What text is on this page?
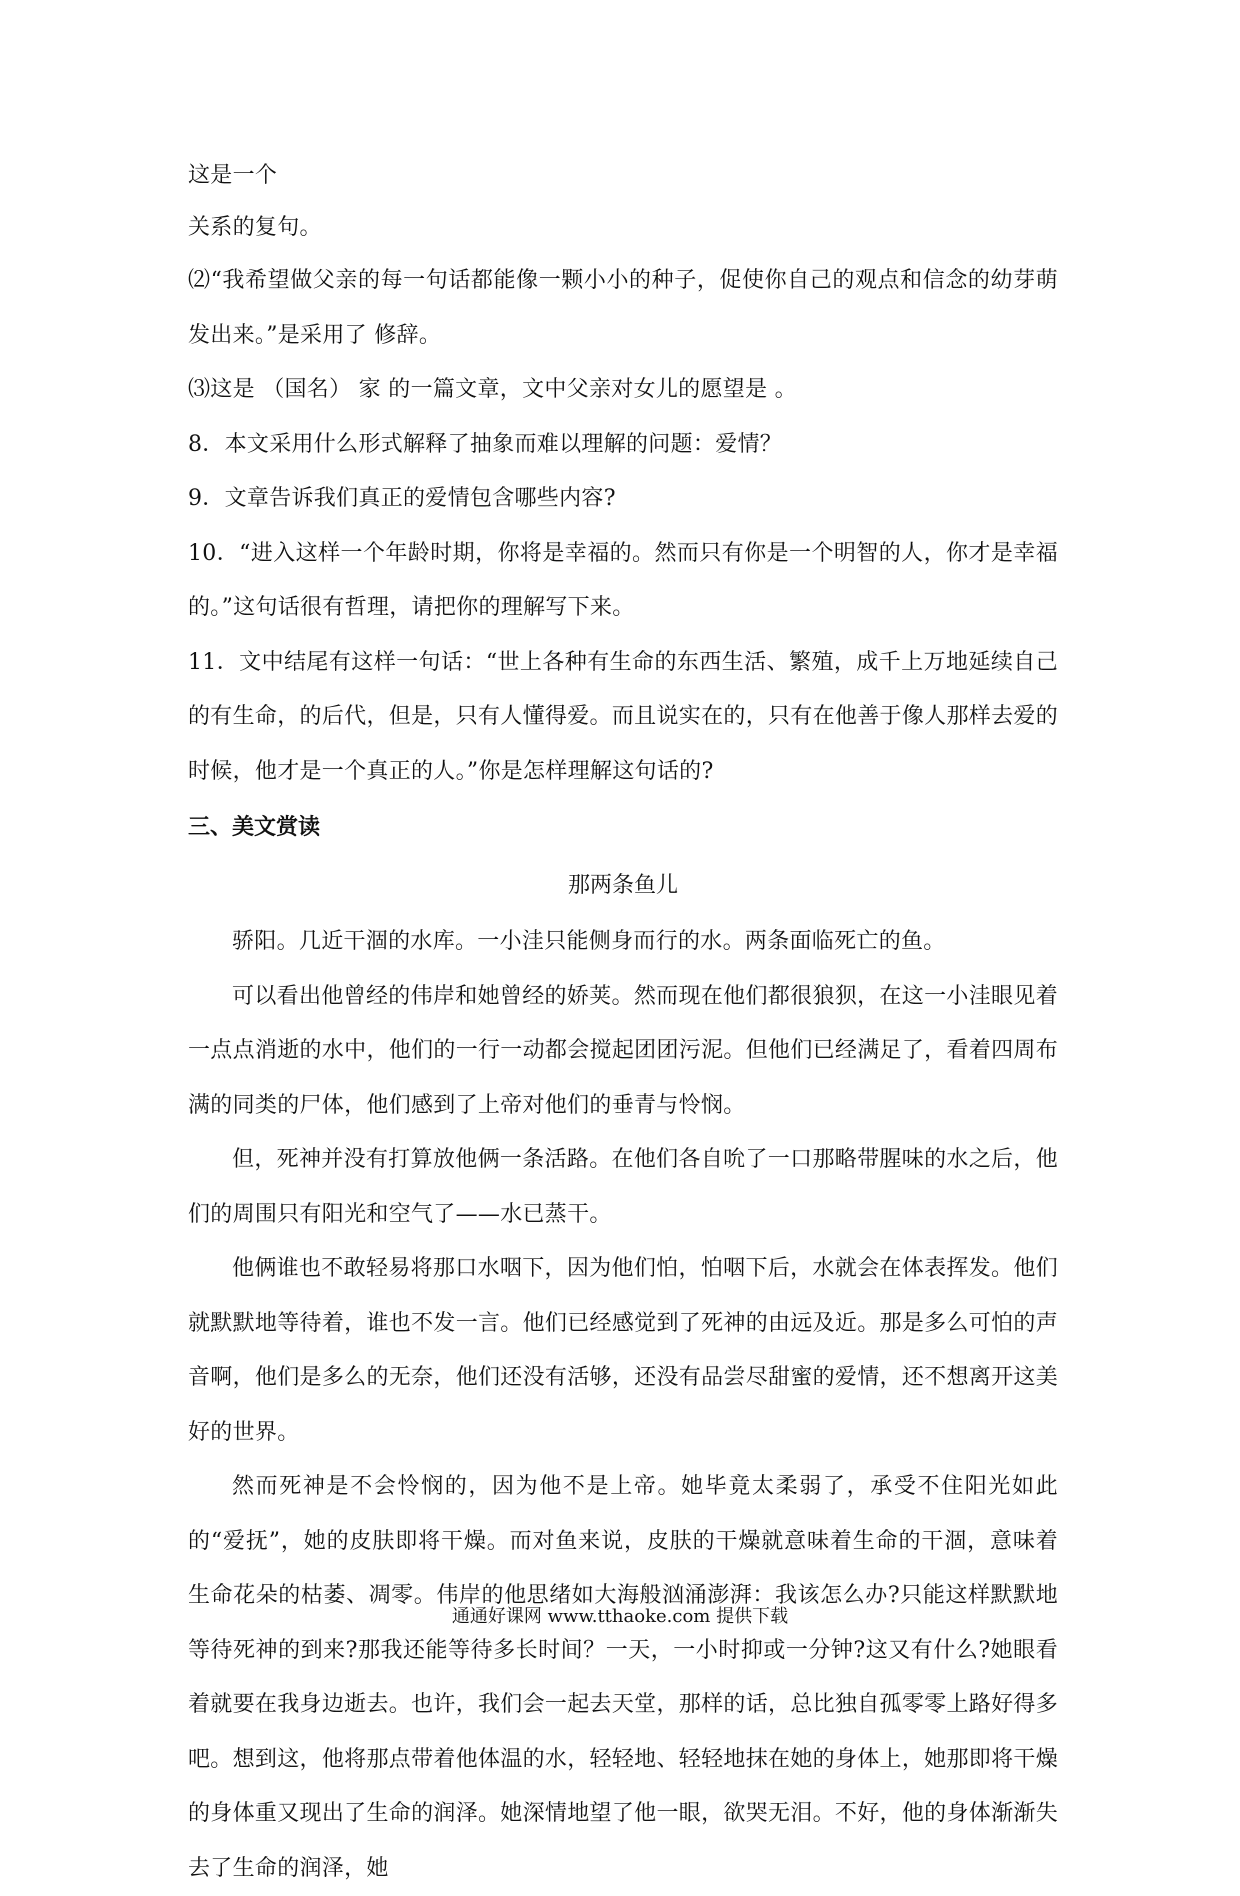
这是一个
关系的复句。

⑵“我希望做父亲的每一句话都能像一颗小小的种子，促使你自己的观点和信念的幼芽萌发出来。”是采用了 修辞。

⑶这是 （国名） 家 的一篇文章，文中父亲对女儿的愿望是 。

8．本文采用什么形式解释了抽象而难以理解的问题：爱情？

9．文章告诉我们真正的爱情包含哪些内容?

10．“进入这样一个年龄时期，你将是幸福的。然而只有你是一个明智的人，你才是幸福的。”这句话很有哲理，请把你的理解写下来。

11．文中结尾有这样一句话：“世上各种有生命的东西生活、繁殖，成千上万地延续自己的有生命，的后代，但是，只有人懂得爱。而且说实在的，只有在他善于像人那样去爱的时候，他才是一个真正的人。”你是怎样理解这句话的?

三、美文赏读
那两条鱼儿

骄阳。几近干涸的水库。一小洼只能侧身而行的水。两条面临死亡的鱼。

可以看出他曾经的伟岸和她曾经的娇荚。然而现在他们都很狼狈，在这一小洼眼见着一点点消逝的水中，他们的一行一动都会搅起团团污泥。但他们已经满足了，看着四周布满的同类的尸体，他们感到了上帝对他们的垂青与怜悯。

但，死神并没有打算放他俩一条活路。在他们各自吮了一口那略带腥味的水之后，他们的周围只有阳光和空气了——水已蒸干。

他俩谁也不敢轻易将那口水咽下，因为他们怕，怕咽下后，水就会在体表挥发。他们就默默地等待着，谁也不发一言。他们已经感觉到了死神的由远及近。那是多么可怕的声音啊，他们是多么的无奈，他们还没有活够，还没有品尝尽甜蜜的爱情，还不想离开这美好的世界。

然而死神是不会怜悯的，因为他不是上帝。她毕竟太柔弱了，承受不住阳光如此的“爱抚”，她的皮肤即将干燥。而对鱼来说，皮肤的干燥就意味着生命的干涸，意味着生命花朵的枯萎、凋零。伟岸的他思绪如大海般汹涌澎湃：我该怎么办?只能这样默默地等待死神的到来?那我还能等待多长时间？一天，一小时抑或一分钟?这又有什么?她眼看着就要在我身边逝去。也许，我们会一起去天堂，那样的话，总比独自孤零零上路好得多吧。想到这，他将那点带着他体温的水，轻轻地、轻轻地抹在她的身体上，她那即将干燥的身体重又现出了生命的润泽。她深情地望了他一眼，欲哭无泪。不好，他的身体渐渐失去了生命的润泽，她

通通好课网 www.tthaoke.com 提供下载
